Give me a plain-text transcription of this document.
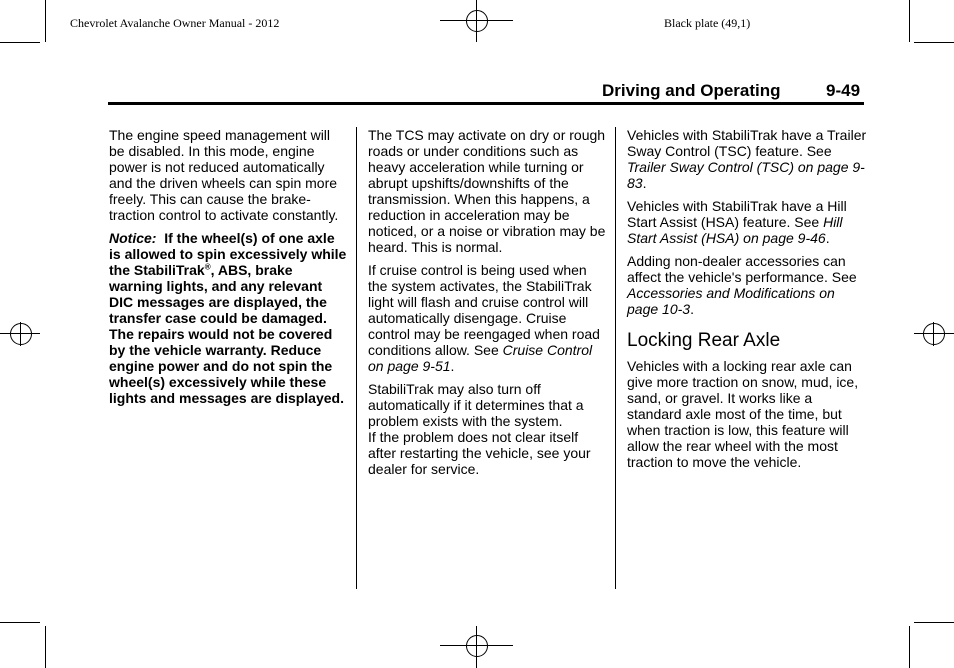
Chevrolet Avalanche Owner Manual - 2012	Black plate (49,1)
Driving and Operating	9-49

The engine speed management will be disabled. In this mode, engine power is not reduced automatically and the driven wheels can spin more freely. This can cause the brake-traction control to activate constantly.

Notice: If the wheel(s) of one axle is allowed to spin excessively while the StabiliTrak®, ABS, brake warning lights, and any relevant DIC messages are displayed, the transfer case could be damaged. The repairs would not be covered by the vehicle warranty. Reduce engine power and do not spin the wheel(s) excessively while these lights and messages are displayed.

The TCS may activate on dry or rough roads or under conditions such as heavy acceleration while turning or abrupt upshifts/downshifts of the transmission. When this happens, a reduction in acceleration may be noticed, or a noise or vibration may be heard. This is normal.

If cruise control is being used when the system activates, the StabiliTrak light will flash and cruise control will automatically disengage. Cruise control may be reengaged when road conditions allow. See Cruise Control on page 9-51.

StabiliTrak may also turn off automatically if it determines that a problem exists with the system.

If the problem does not clear itself after restarting the vehicle, see your dealer for service.

Vehicles with StabiliTrak have a Trailer Sway Control (TSC) feature. See Trailer Sway Control (TSC) on page 9-83.

Vehicles with StabiliTrak have a Hill Start Assist (HSA) feature. See Hill Start Assist (HSA) on page 9-46.

Adding non-dealer accessories can affect the vehicle's performance. See Accessories and Modifications on page 10-3.

Locking Rear Axle

Vehicles with a locking rear axle can give more traction on snow, mud, ice, sand, or gravel. It works like a standard axle most of the time, but when traction is low, this feature will allow the rear wheel with the most traction to move the vehicle.
